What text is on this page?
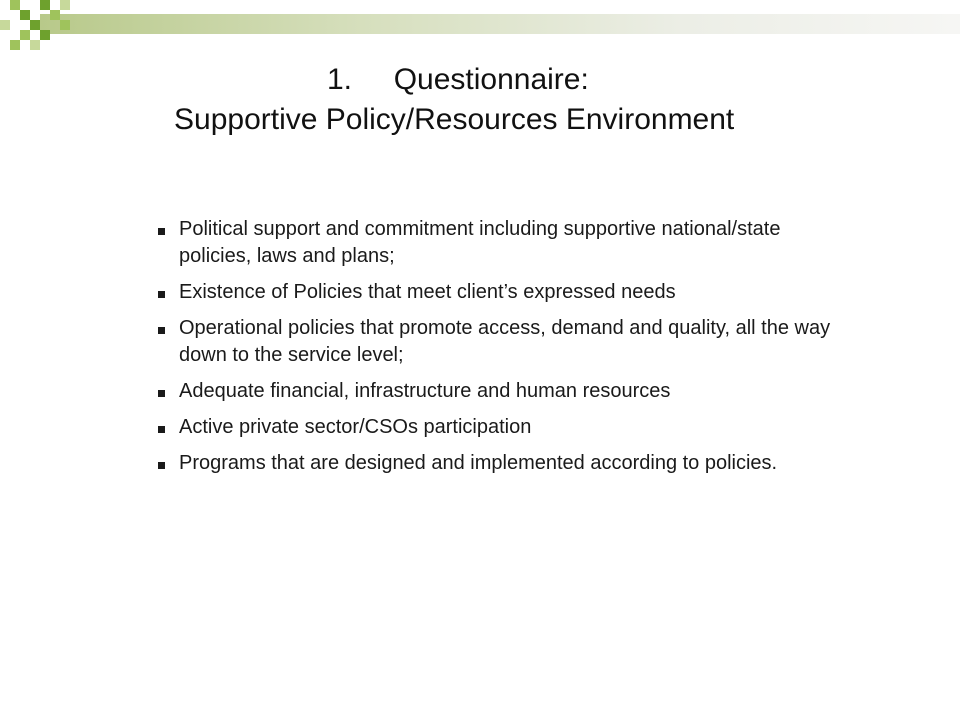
1.     Questionnaire:
Supportive Policy/Resources Environment
Political support and commitment including supportive national/state policies, laws and plans;
Existence of Policies that meet client’s expressed needs
Operational policies that promote access, demand and quality, all the way down to the service level;
Adequate financial, infrastructure and human resources
Active private sector/CSOs participation
Programs that are designed and implemented according to policies.
